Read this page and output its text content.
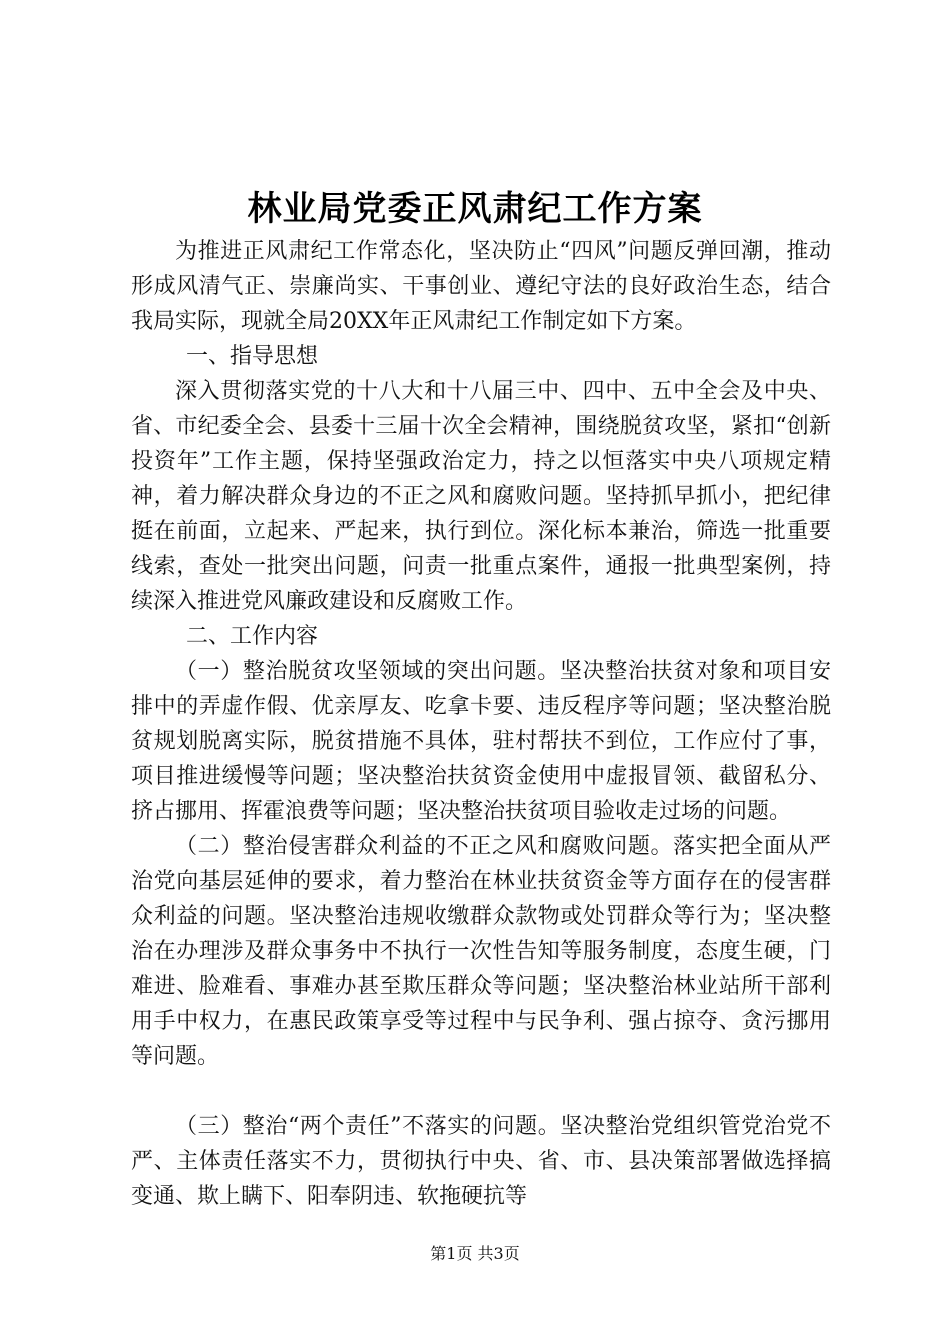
林业局党委正风肃纪工作方案

为推进正风肃纪工作常态化，坚决防止“四风”问题反弹回潮，推动形成风清气正、崇廉尚实、干事创业、遵纪守法的良好政治生态，结合我局实际，现就全局20XX年正风肃纪工作制定如下方案。

一、指导思想

深入贯彻落实党的十八大和十八届三中、四中、五中全会及中央、省、市纪委全会、县委十三届十次全会精神，围绕脱贫攻坚，紧扣“创新投资年”工作主题，保持坚强政治定力，持之以恒落实中央八项规定精神，着力解决群众身边的不正之风和腐败问题。坚持抓早抓小，把纪律挺在前面，立起来、严起来，执行到位。深化标本兼治，筛选一批重要线索，查处一批突出问题，问责一批重点案件，通报一批典型案例，持续深入推进党风廉政建设和反腐败工作。

二、工作内容

（一）整治脱贫攻坚领域的突出问题。坚决整治扶贫对象和项目安排中的弄虚作假、优亲厚友、吃拿卡要、违反程序等问题；坚决整治脱贫规划脱离实际，脱贫措施不具体，驻村帮扶不到位，工作应付了事，项目推进缓慢等问题；坚决整治扶贫资金使用中虚报冒领、截留私分、挤占挪用、挥霍浪费等问题；坚决整治扶贫项目验收走过场的问题。

（二）整治侵害群众利益的不正之风和腐败问题。落实把全面从严治党向基层延伸的要求，着力整治在林业扶贫资金等方面存在的侵害群众利益的问题。坚决整治违规收缴群众款物或处罚群众等行为；坚决整治在办理涉及群众事务中不执行一次性告知等服务制度，态度生硬，门难进、脸难看、事难办甚至欺压群众等问题；坚决整治林业站所干部利用手中权力，在惠民政策享受等过程中与民争利、强占掠夺、贪污挪用等问题。

（三）整治“两个责任”不落实的问题。坚决整治党组织管党治党不严、主体责任落实不力，贯彻执行中央、省、市、县决策部署做选择搞变通、欺上瞒下、阳奉阴违、软拖硬抗等

第1页 共3页
